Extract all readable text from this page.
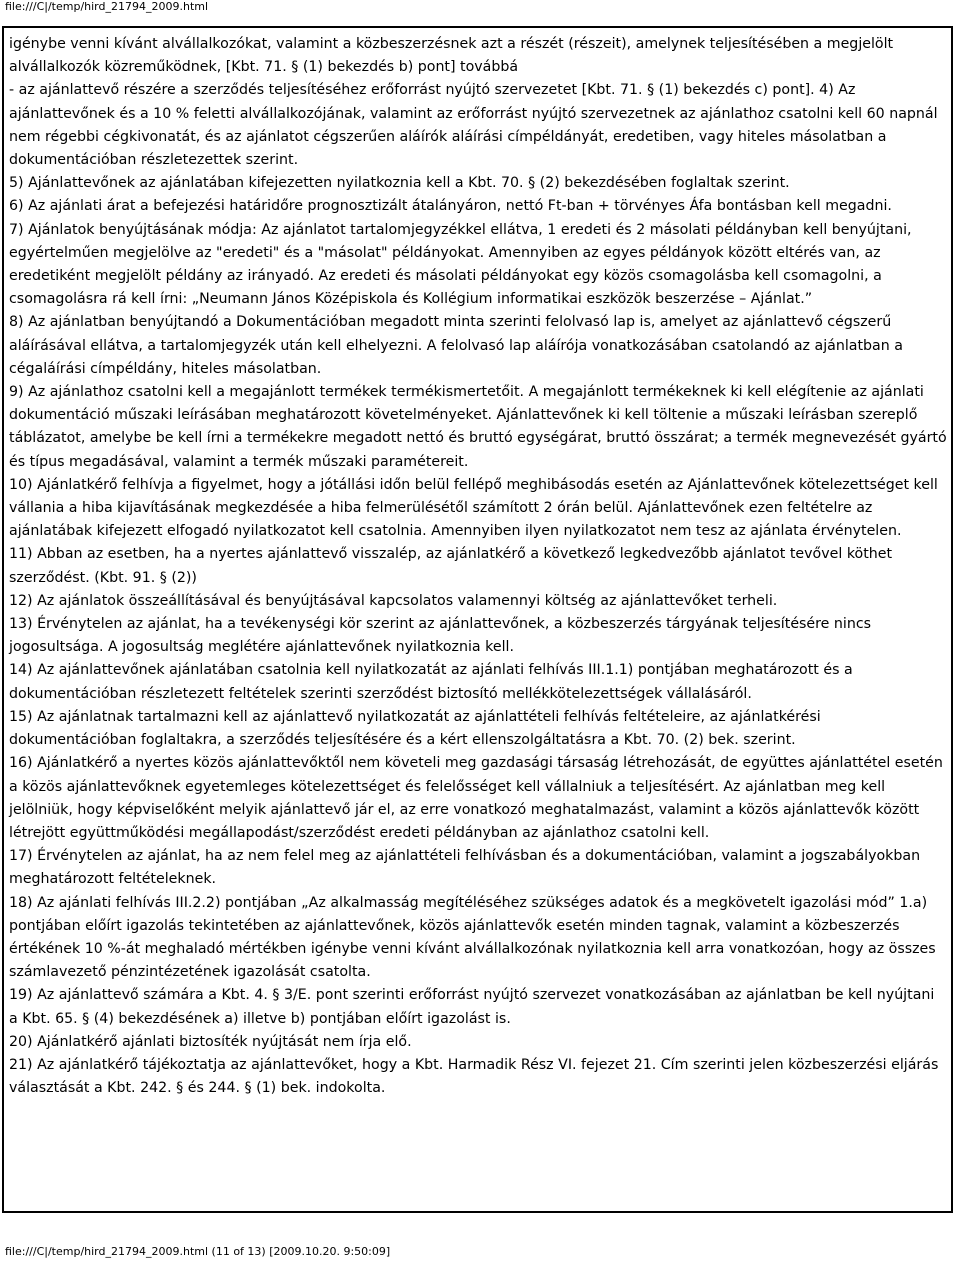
file:///C|/temp/hird_21794_2009.html

igénybe venni kívánt alvállalkozókat, valamint a közbeszerzésnek azt a részét (részeit), amelynek teljesítésében a megjelölt alvállalkozók közreműködnek, [Kbt. 71. § (1) bekezdés b) pont] továbbá

- az ajánlattevő részére a szerződés teljesítéséhez erőforrást nyújtó szervezetet [Kbt. 71. § (1) bekezdés c) pont]. 4) Az ajánlattevőnek és a 10 % feletti alvállalkozójának, valamint az erőforrást nyújtó szervezetnek az ajánlathoz csatolni kell 60 napnál nem régebbi cégkivonatát, és az ajánlatot cégszerűen aláírók aláírási címpéldányát, eredetiben, vagy hiteles másolatban a dokumentációban részletezettek szerint.

5) Ajánlattevőnek az ajánlatában kifejezetten nyilatkoznia kell a Kbt. 70. § (2) bekezdésében foglaltak szerint.

6) Az ajánlati árat a befejezési határidőre prognosztizált átalányáron, nettó Ft-ban + törvényes Áfa bontásban kell megadni.

7) Ajánlatok benyújtásának módja: Az ajánlatot tartalomjegyzékkel ellátva, 1 eredeti és 2 másolati példányban kell benyújtani, egyértelműen megjelölve az "eredeti" és a "másolat" példányokat. Amennyiben az egyes példányok között eltérés van, az eredetiként megjelölt példány az irányadó. Az eredeti és másolati példányokat egy közös csomagolásba kell csomagolni, a csomagolásra rá kell írni: „Neumann János Középiskola és Kollégium informatikai eszközök beszerzése – Ajánlat.”

8) Az ajánlatban benyújtandó a Dokumentációban megadott minta szerinti felolvasó lap is, amelyet az ajánlattevő cégszerű aláírásával ellátva, a tartalomjegyzék után kell elhelyezni. A felolvasó lap aláírója vonatkozásában csatolandó az ajánlatban a cégaláírási címpéldány, hiteles másolatban.

9) Az ajánlathoz csatolni kell a megajánlott termékek termékismertetőit. A megajánlott termékeknek ki kell elégítenie az ajánlati dokumentáció műszaki leírásában meghatározott követelményeket. Ajánlattevőnek ki kell töltenie a műszaki leírásban szereplő táblázatot, amelybe be kell írni a termékekre megadott nettó és bruttó egységárat, bruttó összárat; a termék megnevezését gyártó és típus megadásával, valamint a termék műszaki paramétereit.

10) Ajánlatkérő felhívja a figyelmet, hogy a jótállási időn belül fellépő meghibásodás esetén az Ajánlattevőnek kötelezettséget kell vállania a hiba kijavításának megkezdésée a hiba felmerülésétől számított 2 órán belül. Ajánlattevőnek ezen feltételre az ajánlatábak kifejezett elfogadó nyilatkozatot kell csatolnia. Amennyiben ilyen nyilatkozatot nem tesz az ajánlata érvénytelen.

11) Abban az esetben, ha a nyertes ajánlattevő visszalép, az ajánlatkérő a következő legkedvezőbb ajánlatot tevővel köthet szerződést. (Kbt. 91. § (2))

12) Az ajánlatok összeállításával és benyújtásával kapcsolatos valamennyi költség az ajánlattevőket terheli.

13) Érvénytelen az ajánlat, ha a tevékenységi kör szerint az ajánlattevőnek, a közbeszerzés tárgyának teljesítésére nincs jogosultsága. A jogosultság meglétére ajánlattevőnek nyilatkoznia kell.

14) Az ajánlattevőnek ajánlatában csatolnia kell nyilatkozatát az ajánlati felhívás III.1.1) pontjában meghatározott és a dokumentációban részletezett feltételek szerinti szerződést biztosító mellékkötelezettségek vállalásáról.

15) Az ajánlatnak tartalmazni kell az ajánlattevő nyilatkozatát az ajánlattételi felhívás feltételeire, az ajánlatkérési dokumentációban foglaltakra, a szerződés teljesítésére és a kért ellenszolgáltatásra a Kbt. 70. (2) bek. szerint.

16) Ajánlatkérő a nyertes közös ajánlattevőktől nem követeli meg gazdasági társaság létrehozását, de együttes ajánlattétel esetén a közös ajánlattevőknek egyetemleges kötelezettséget és felelősséget kell vállalniuk a teljesítésért. Az ajánlatban meg kell jelölniük, hogy képviselőként melyik ajánlattevő jár el, az erre vonatkozó meghatalmazást, valamint a közös ajánlattevők között létrejött együttműködési megállapodást/szerződést eredeti példányban az ajánlathoz csatolni kell.

17) Érvénytelen az ajánlat, ha az nem felel meg az ajánlattételi felhívásban és a dokumentációban, valamint a jogszabályokban meghatározott feltételeknek.

18) Az ajánlati felhívás III.2.2) pontjában „Az alkalmasság megítéléséhez szükséges adatok és a megkövetelt igazolási mód” 1.a) pontjában előírt igazolás tekintetében az ajánlattevőnek, közös ajánlattevők esetén minden tagnak, valamint a közbeszerzés értékének 10 %-át meghaladó mértékben igénybe venni kívánt alvállalkozónak nyilatkoznia kell arra vonatkozóan, hogy az összes számlavezető pénzintézetének igazolását csatolta.

19) Az ajánlattevő számára a Kbt. 4. § 3/E. pont szerinti erőforrást nyújtó szervezet vonatkozásában az ajánlatban be kell nyújtani a Kbt. 65. § (4) bekezdésének a) illetve b) pontjában előírt igazolást is.

20) Ajánlatkérő ajánlati biztosíték nyújtását nem írja elő.

21) Az ajánlatkérő tájékoztatja az ajánlattevőket, hogy a Kbt. Harmadik Rész VI. fejezet 21. Cím szerinti jelen közbeszerzési eljárás választását a Kbt. 242. § és 244. § (1) bek. indokolta.

file:///C|/temp/hird_21794_2009.html (11 of 13) [2009.10.20. 9:50:09]
